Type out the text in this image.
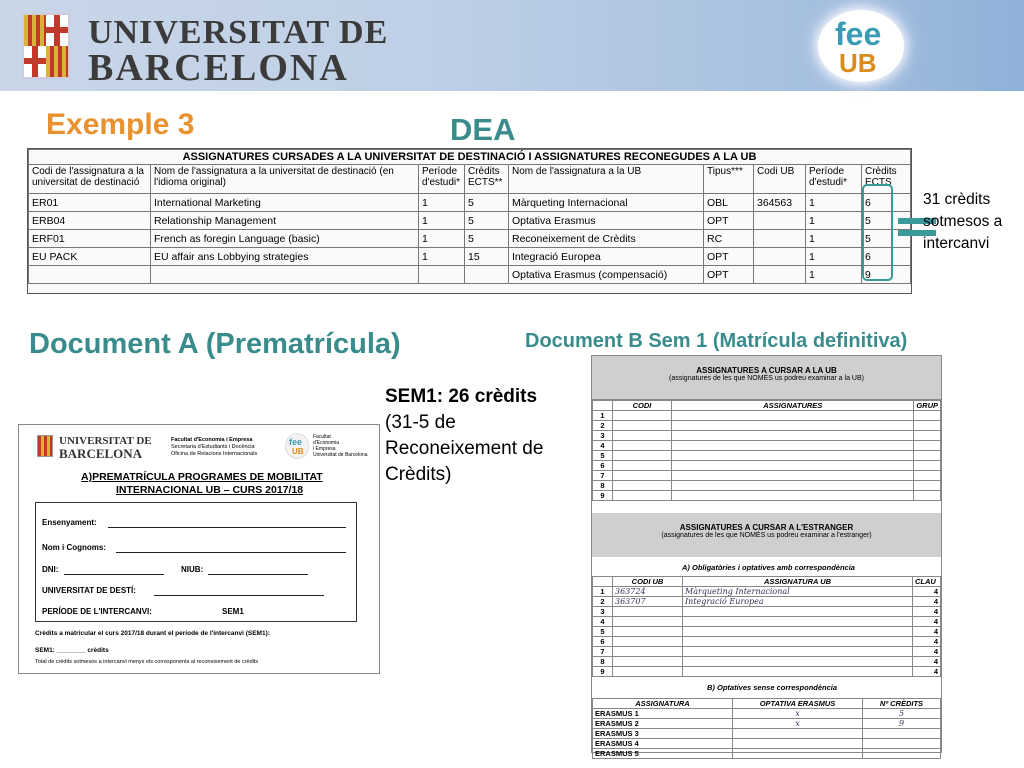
UNIVERSITAT DE
BARCELONA
fee
UB
Exemple 3	DEA
ASSIGNATURES CURSADES A LA UNIVERSITAT DE DESTINACIÓ I ASSIGNATURES RECONEGUDES A LA UB								
Codi de l'assignatura a la universitat de destinació	Nom de l'assignatura a la universitat de destinació (en l'idioma original)	Període d'estudi*	Crèdits ECTS**	Nom de l'assignatura a la UB	Tipus***	Codi UB	Període d'estudi*	Crèdits ECTS
ER01	International Marketing	1	5	Màrqueting Internacional	OBL	364563	1	6
ERB04	Relationship Management	1	5	Optativa Erasmus	OPT		1	5
ERF01	French as foregin Language (basic)	1	5	Reconeixement de Crèdits	RC		1	5
EU PACK	EU affair ans Lobbying strategies	1	15	Integració Europea	OPT		1	6
				Optativa Erasmus (compensació)	OPT		1	9
31 crèdits
sotmesos a
intercanvi
Document A (Prematrícula)	Document B Sem 1 (Matrícula definitiva)
SEM1: 26 crèdits
(31-5 de
Reconeixement de
Crèdits)
UNIVERSITAT DE
BARCELONA
Facultat d'Economia i Empresa
Secretaria d'Estudiants i Docència
Oficina de Relacions Internacionals
fee
UB
Facultat
d'Economia
i Empresa
Universitat de Barcelona
A)PREMATRÍCULA PROGRAMES DE MOBILITAT
INTERNACIONAL UB – CURS 2017/18
Ensenyament:
Nom i Cognoms:
DNI:	NIUB:
UNIVERSITAT DE DESTÍ:
PERÍODE DE L'INTERCANVI:	SEM1
Crèdits a matricular el curs 2017/18 durant el període de l'intercanvi (SEM1):
SEM1: ________ crèdits
Total de crèdits sotmesos a intercanvi menys els corresponents al reconeixement de crèdits
ASSIGNATURES A CURSAR A LA UB
(assignatures de les que NOMÉS us podreu examinar a la UB)
	CODI	ASSIGNATURES	GRUP
1			
2			
3			
4			
5			
6			
7			
8			
9			
ASSIGNATURES A CURSAR A L'ESTRANGER
(assignatures de les que NOMÉS us podreu examinar a l'estranger)
A) Obligatòries i optatives amb correspondència
	CODI UB	ASSIGNATURA UB	CLAU
1	363724	Màrqueting Internacional	4
2	363707	Integració Europea	4
3			4
4			4
5			4
6			4
7			4
8			4
9			4
B) Optatives sense correspondència
ASSIGNATURA	OPTATIVA ERASMUS	Nº CRÈDITS
ERASMUS 1	x	5
ERASMUS 2	x	9
ERASMUS 3		
ERASMUS 4		
ERASMUS 5		
